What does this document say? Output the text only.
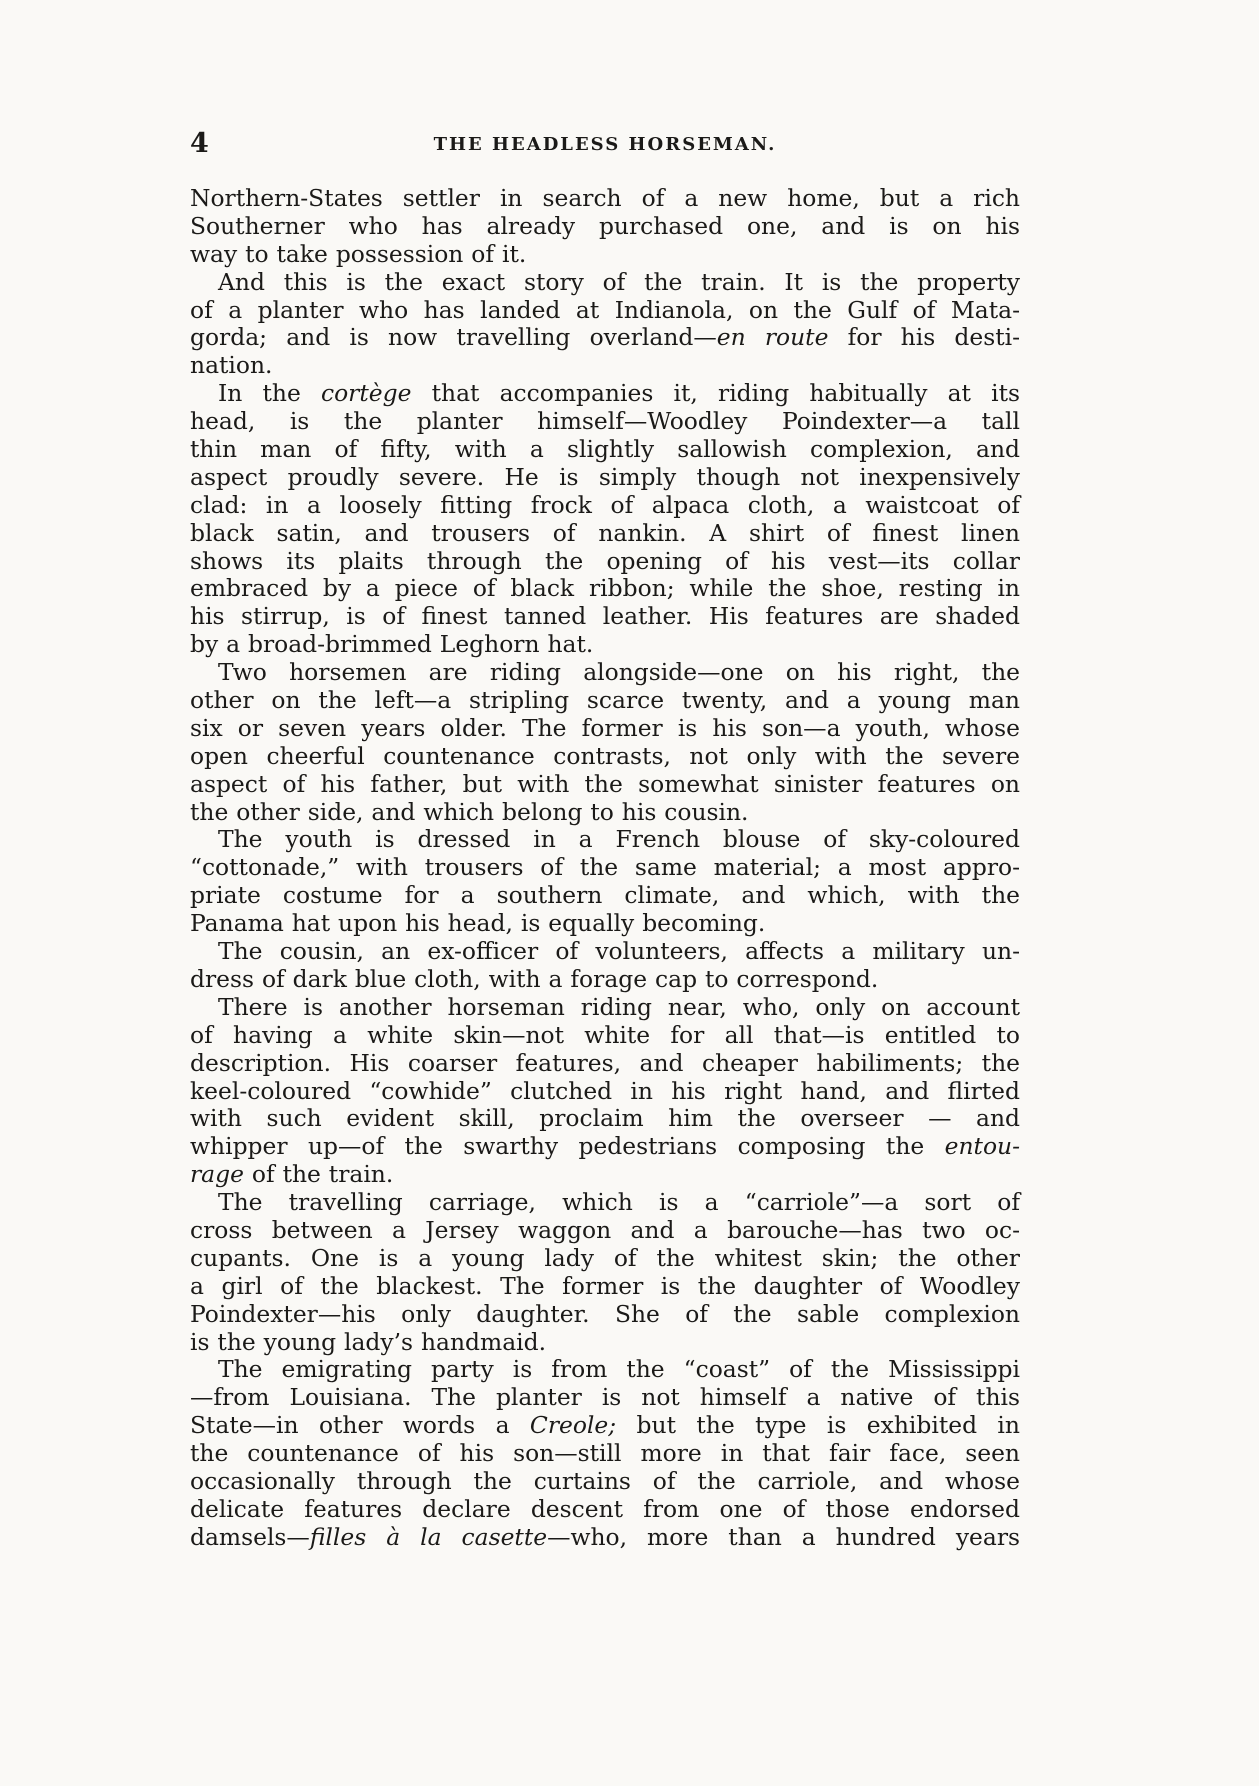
4	THE HEADLESS HORSEMAN.
Northern-States settler in search of a new home, but a rich
Southerner who has already purchased one, and is on his
way to take possession of it.
And this is the exact story of the train. It is the property
of a planter who has landed at Indianola, on the Gulf of Mata-
gorda; and is now travelling overland—en route for his desti-
nation.
In the cortège that accompanies it, riding habitually at its
head, is the planter himself—Woodley Poindexter—a tall
thin man of fifty, with a slightly sallowish complexion, and
aspect proudly severe. He is simply though not inexpensively
clad: in a loosely fitting frock of alpaca cloth, a waistcoat of
black satin, and trousers of nankin. A shirt of finest linen
shows its plaits through the opening of his vest—its collar
embraced by a piece of black ribbon; while the shoe, resting in
his stirrup, is of finest tanned leather. His features are shaded
by a broad-brimmed Leghorn hat.
Two horsemen are riding alongside—one on his right, the
other on the left—a stripling scarce twenty, and a young man
six or seven years older. The former is his son—a youth, whose
open cheerful countenance contrasts, not only with the severe
aspect of his father, but with the somewhat sinister features on
the other side, and which belong to his cousin.
The youth is dressed in a French blouse of sky-coloured
“cottonade,” with trousers of the same material; a most appro-
priate costume for a southern climate, and which, with the
Panama hat upon his head, is equally becoming.
The cousin, an ex-officer of volunteers, affects a military un-
dress of dark blue cloth, with a forage cap to correspond.
There is another horseman riding near, who, only on account
of having a white skin—not white for all that—is entitled to
description. His coarser features, and cheaper habiliments; the
keel-coloured “cowhide” clutched in his right hand, and flirted
with such evident skill, proclaim him the overseer — and
whipper up—of the swarthy pedestrians composing the entou-
rage of the train.
The travelling carriage, which is a “carriole”—a sort of
cross between a Jersey waggon and a barouche—has two oc-
cupants. One is a young lady of the whitest skin; the other
a girl of the blackest. The former is the daughter of Woodley
Poindexter—his only daughter. She of the sable complexion
is the young lady’s handmaid.
The emigrating party is from the “coast” of the Mississippi
—from Louisiana. The planter is not himself a native of this
State—in other words a Creole; but the type is exhibited in
the countenance of his son—still more in that fair face, seen
occasionally through the curtains of the carriole, and whose
delicate features declare descent from one of those endorsed
damsels—filles à la casette—who, more than a hundred years
